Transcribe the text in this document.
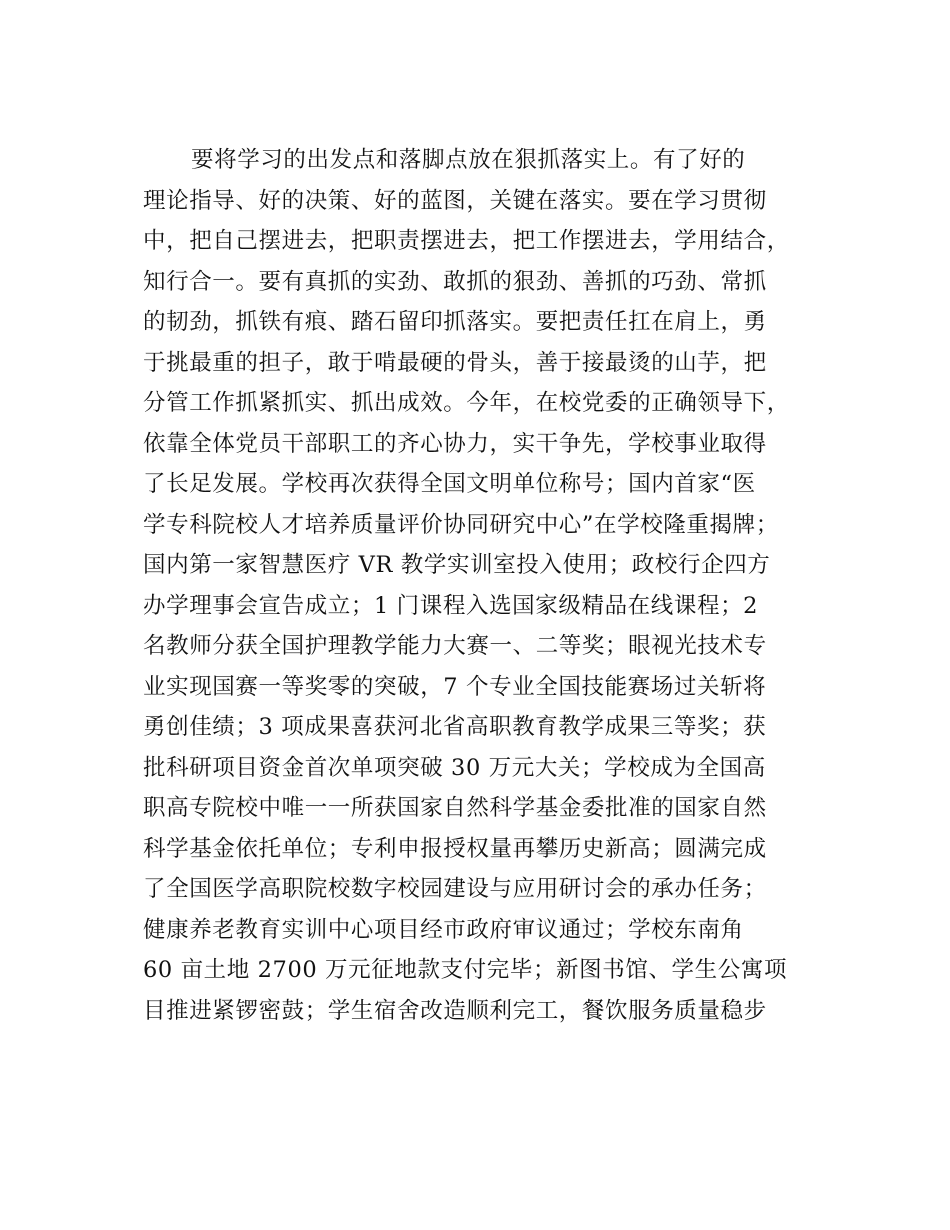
要将学习的出发点和落脚点放在狠抓落实上。有了好的
理论指导、好的决策、好的蓝图，关键在落实。要在学习贯彻
中，把自己摆进去，把职责摆进去，把工作摆进去，学用结合，
知行合一。要有真抓的实劲、敢抓的狠劲、善抓的巧劲、常抓
的韧劲，抓铁有痕、踏石留印抓落实。要把责任扛在肩上，勇
于挑最重的担子，敢于啃最硬的骨头，善于接最烫的山芋，把
分管工作抓紧抓实、抓出成效。今年，在校党委的正确领导下，
依靠全体党员干部职工的齐心协力，实干争先，学校事业取得
了长足发展。学校再次获得全国文明单位称号；国内首家“医
学专科院校人才培养质量评价协同研究中心”在学校隆重揭牌；
国内第一家智慧医疗 VR 教学实训室投入使用；政校行企四方
办学理事会宣告成立；1 门课程入选国家级精品在线课程；2
名教师分获全国护理教学能力大赛一、二等奖；眼视光技术专
业实现国赛一等奖零的突破，7 个专业全国技能赛场过关斩将
勇创佳绩；3 项成果喜获河北省高职教育教学成果三等奖；获
批科研项目资金首次单项突破 30 万元大关；学校成为全国高
职高专院校中唯一一所获国家自然科学基金委批准的国家自然
科学基金依托单位；专利申报授权量再攀历史新高；圆满完成
了全国医学高职院校数字校园建设与应用研讨会的承办任务；
健康养老教育实训中心项目经市政府审议通过；学校东南角
60 亩土地 2700 万元征地款支付完毕；新图书馆、学生公寓项
目推进紧锣密鼓；学生宿舍改造顺利完工，餐饮服务质量稳步
